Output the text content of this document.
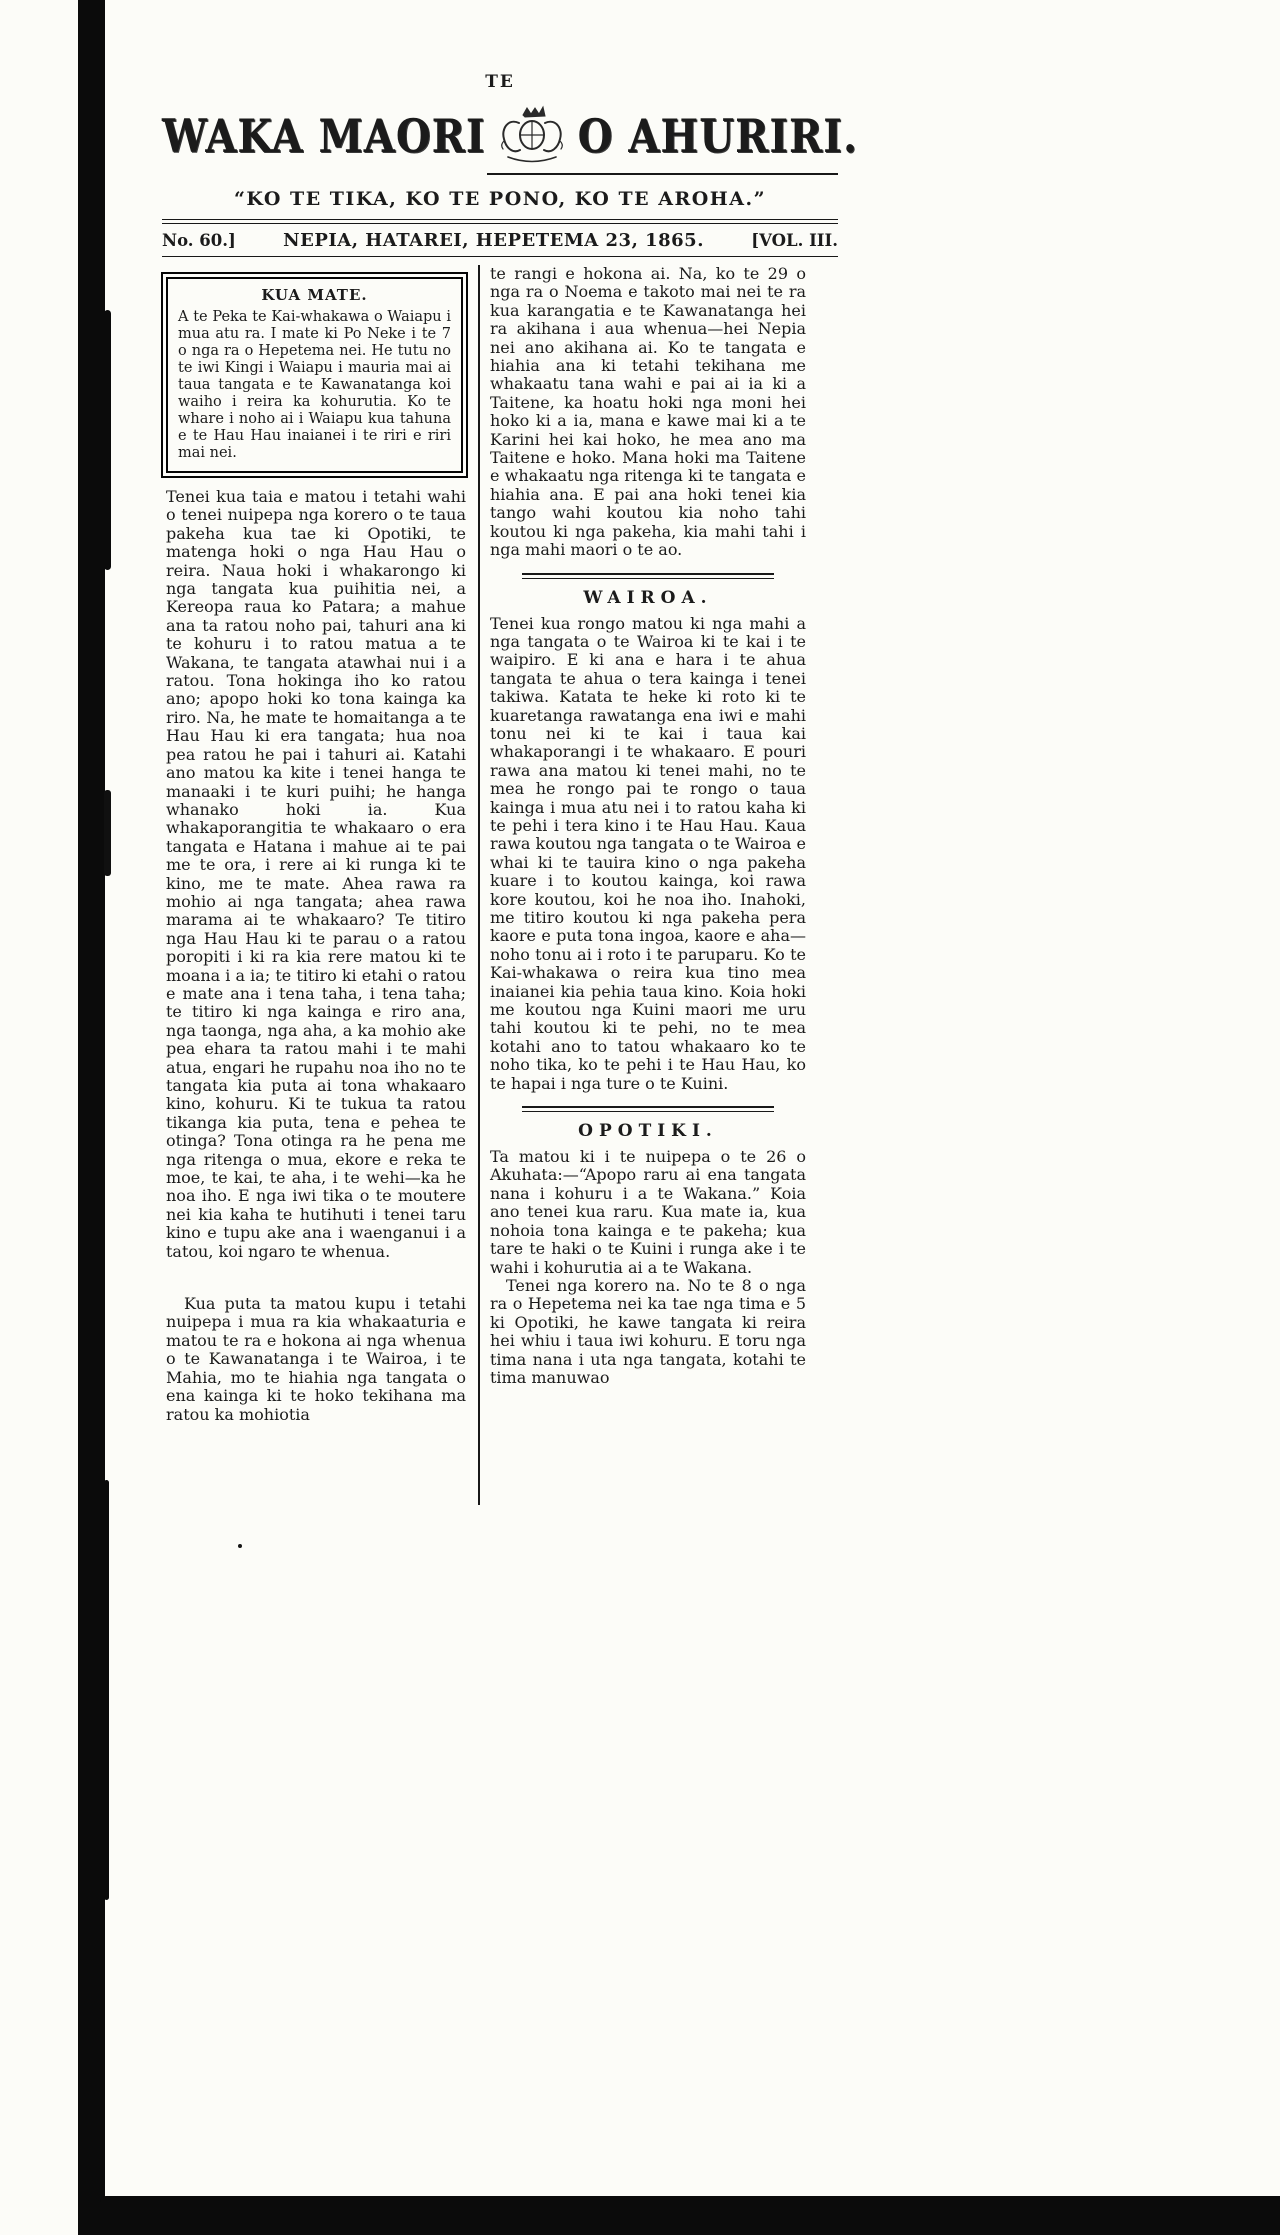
TE
WAKA MAORI O AHURIRI.
“KO TE TIKA, KO TE PONO, KO TE AROHA.”
No. 60.]	NEPIA, HATAREI, HEPETEMA 23, 1865.	[VOL. III.
KUA MATE.
A te Peka te Kai-whakawa o Waiapu i mua atu ra. I mate ki Po Neke i te 7 o nga ra o Hepetema nei. He tutu no te iwi Kingi i Waiapu i mauria mai ai taua tangata e te Kawanatanga koi waiho i reira ka kohurutia. Ko te whare i noho ai i Waiapu kua tahuna e te Hau Hau inaianei i te riri e riri mai nei.

Tenei kua taia e matou i tetahi wahi o tenei nuipepa nga korero o te taua pakeha kua tae ki Opotiki, te matenga hoki o nga Hau Hau o reira. Naua hoki i whakarongo ki nga tangata kua puihitia nei, a Kereopa raua ko Patara; a mahue ana ta ratou noho pai, tahuri ana ki te kohuru i to ratou matua a te Wakana, te tangata atawhai nui i a ratou. Tona hokinga iho ko ratou ano; apopo hoki ko tona kainga ka riro. Na, he mate te homaitanga a te Hau Hau ki era tangata; hua noa pea ratou he pai i tahuri ai. Katahi ano matou ka kite i tenei hanga te manaaki i te kuri puihi; he hanga whanako hoki ia. Kua whakaporangitia te whakaaro o era tangata e Hatana i mahue ai te pai me te ora, i rere ai ki runga ki te kino, me te mate. Ahea rawa ra mohio ai nga tangata; ahea rawa marama ai te whakaaro? Te titiro nga Hau Hau ki te parau o a ratou poropiti i ki ra kia rere matou ki te moana i a ia; te titiro ki etahi o ratou e mate ana i tena taha, i tena taha; te titiro ki nga kainga e riro ana, nga taonga, nga aha, a ka mohio ake pea ehara ta ratou mahi i te mahi atua, engari he rupahu noa iho no te tangata kia puta ai tona whakaaro kino, kohuru. Ki te tukua ta ratou tikanga kia puta, tena e pehea te otinga? Tona otinga ra he pena me nga ritenga o mua, ekore e reka te moe, te kai, te aha, i te wehi—ka he noa iho. E nga iwi tika o te moutere nei kia kaha te hutihuti i tenei taru kino e tupu ake ana i waenganui i a tatou, koi ngaro te whenua.

Kua puta ta matou kupu i tetahi nuipepa i mua ra kia whakaaturia e matou te ra e hokona ai nga whenua o te Kawanatanga i te Wairoa, i te Mahia, mo te hiahia nga tangata o ena kainga ki te hoko tekihana ma ratou ka mohiotia

te rangi e hokona ai. Na, ko te 29 o nga ra o Noema e takoto mai nei te ra kua karangatia e te Kawanatanga hei ra akihana i aua whenua—hei Nepia nei ano akihana ai. Ko te tangata e hiahia ana ki tetahi tekihana me whakaatu tana wahi e pai ai ia ki a Taitene, ka hoatu hoki nga moni hei hoko ki a ia, mana e kawe mai ki a te Karini hei kai hoko, he mea ano ma Taitene e hoko. Mana hoki ma Taitene e whakaatu nga ritenga ki te tangata e hiahia ana. E pai ana hoki tenei kia tango wahi koutou kia noho tahi koutou ki nga pakeha, kia mahi tahi i nga mahi maori o te ao.

WAIROA.

Tenei kua rongo matou ki nga mahi a nga tangata o te Wairoa ki te kai i te waipiro. E ki ana e hara i te ahua tangata te ahua o tera kainga i tenei takiwa. Katata te heke ki roto ki te kuaretanga rawatanga ena iwi e mahi tonu nei ki te kai i taua kai whakaporangi i te whakaaro. E pouri rawa ana matou ki tenei mahi, no te mea he rongo pai te rongo o taua kainga i mua atu nei i to ratou kaha ki te pehi i tera kino i te Hau Hau. Kaua rawa koutou nga tangata o te Wairoa e whai ki te tauira kino o nga pakeha kuare i to koutou kainga, koi rawa kore koutou, koi he noa iho. Inahoki, me titiro koutou ki nga pakeha pera kaore e puta tona ingoa, kaore e aha—noho tonu ai i roto i te paruparu. Ko te Kai-whakawa o reira kua tino mea inaianei kia pehia taua kino. Koia hoki me koutou nga Kuini maori me uru tahi koutou ki te pehi, no te mea kotahi ano to tatou whakaaro ko te noho tika, ko te pehi i te Hau Hau, ko te hapai i nga ture o te Kuini.

OPOTIKI.

Ta matou ki i te nuipepa o te 26 o Akuhata:—“Apopo raru ai ena tangata nana i kohuru i a te Wakana.” Koia ano tenei kua raru. Kua mate ia, kua nohoia tona kainga e te pakeha; kua tare te haki o te Kuini i runga ake i te wahi i kohurutia ai a te Wakana.

Tenei nga korero na. No te 8 o nga ra o Hepetema nei ka tae nga tima e 5 ki Opotiki, he kawe tangata ki reira hei whiu i taua iwi kohuru. E toru nga tima nana i uta nga tangata, kotahi te tima manuwao
